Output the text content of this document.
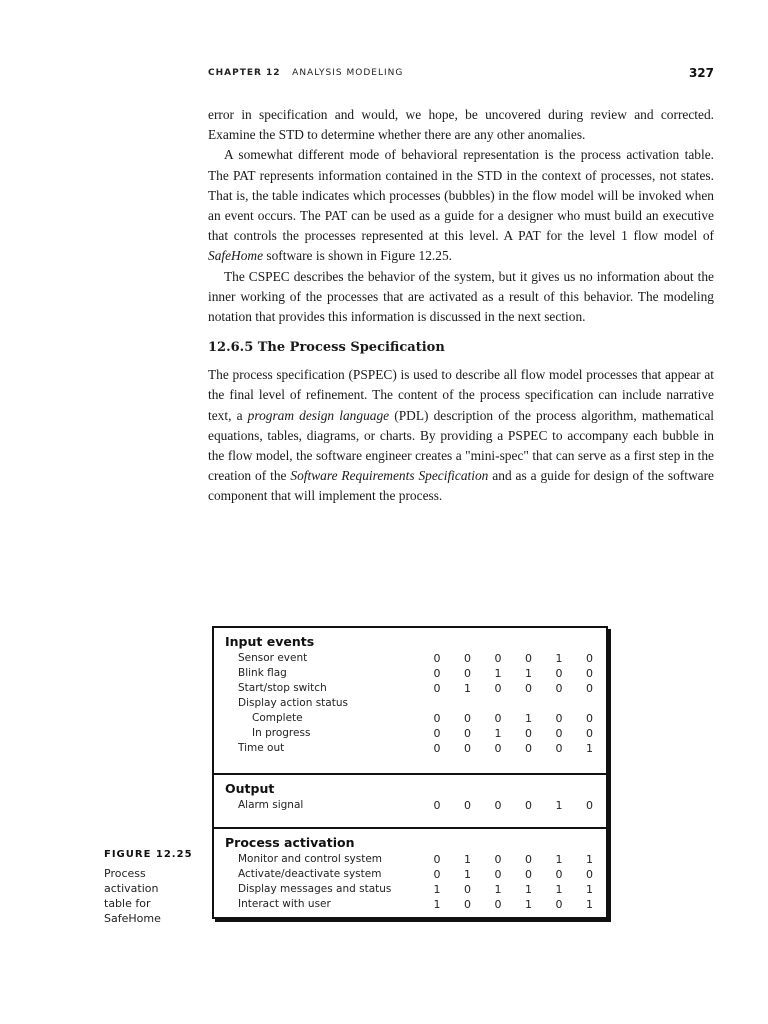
CHAPTER 12 ANALYSIS MODELING	327

error in specification and would, we hope, be uncovered during review and corrected. Examine the STD to determine whether there are any other anomalies.

A somewhat different mode of behavioral representation is the process activation table. The PAT represents information contained in the STD in the context of processes, not states. That is, the table indicates which processes (bubbles) in the flow model will be invoked when an event occurs. The PAT can be used as a guide for a designer who must build an executive that controls the processes represented at this level. A PAT for the level 1 flow model of SafeHome software is shown in Figure 12.25.

The CSPEC describes the behavior of the system, but it gives us no information about the inner working of the processes that are activated as a result of this behavior. The modeling notation that provides this information is discussed in the next section.

12.6.5 The Process Specification

The process specification (PSPEC) is used to describe all flow model processes that appear at the final level of refinement. The content of the process specification can include narrative text, a program design language (PDL) description of the process algorithm, mathematical equations, tables, diagrams, or charts. By providing a PSPEC to accompany each bubble in the flow model, the software engineer creates a "mini-spec" that can serve as a first step in the creation of the Software Requirements Specification and as a guide for design of the software component that will implement the process.

Input events
Sensor event	0 0 0 0 1 0
Blink flag	0 0 1 1 0 0
Start/stop switch	0 1 0 0 0 0
Display action status
Complete	0 0 0 1 0 0
In progress	0 0 1 0 0 0
Time out	0 0 0 0 0 1
Output
Alarm signal	0 0 0 0 1 0
Process activation
Monitor and control system	0 1 0 0 1 1
Activate/deactivate system	0 1 0 0 0 0
Display messages and status	1 0 1 1 1 1
Interact with user	1 0 0 1 0 1
FIGURE 12.25
Process activation table for SafeHome
